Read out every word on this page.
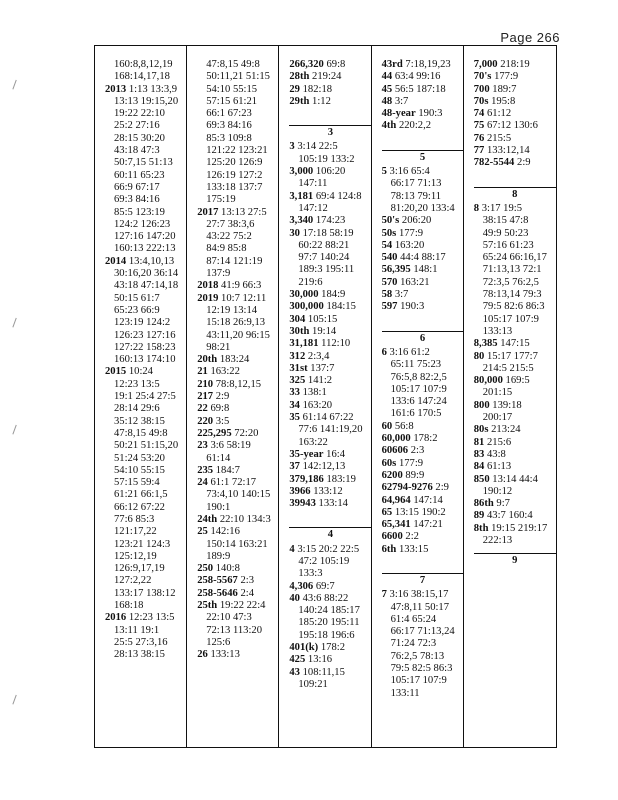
Page 266
160:8,8,12,19
168:14,17,18
2013 1:13 13:3,9
13:13 19:15,20
19:22 22:10
25:2 27:16
28:15 30:20
43:18 47:3
50:7,15 51:13
60:11 65:23
66:9 67:17
69:3 84:16
85:5 123:19
124:2 126:23
127:16 147:20
160:13 222:13
2014 13:4,10,13
30:16,20 36:14
43:18 47:14,18
50:15 61:7
65:23 66:9
123:19 124:2
126:23 127:16
127:22 158:23
160:13 174:10
2015 10:24
12:23 13:5
19:1 25:4 27:5
28:14 29:6
35:12 38:15
47:8,15 49:8
50:21 51:15,20
51:24 53:20
54:10 55:15
57:15 59:4
61:21 66:1,5
66:12 67:22
77:6 85:3
121:17,22
123:21 124:3
125:12,19
126:9,17,19
127:2,22
133:17 138:12
168:18
2016 12:23 13:5
13:11 19:1
25:5 27:3,16
28:13 38:15
47:8,15 49:8
50:11,21 51:15
54:10 55:15
57:15 61:21
66:1 67:23
69:3 84:16
85:3 109:8
121:22 123:21
125:20 126:9
126:19 127:2
133:18 137:7
175:19
2017 13:13 27:5
27:7 38:3,6
43:22 75:2
84:9 85:8
87:14 121:19
137:9
2018 41:9 66:3
2019 10:7 12:11
12:19 13:14
15:18 26:9,13
43:11,20 96:15
98:21
20th 183:24
21 163:22
210 78:8,12,15
217 2:9
22 69:8
220 3:5
225,295 72:20
23 3:6 58:19
61:14
235 184:7
24 61:1 72:17
73:4,10 140:15
190:1
24th 22:10 134:3
25 142:16
150:14 163:21
189:9
250 140:8
258-5567 2:3
258-5646 2:4
25th 19:22 22:4
22:10 47:3
72:13 113:20
125:6
26 133:13
266,320 69:8
28th 219:24
29 182:18
29th 1:12
3
3 3:14 22:5
105:19 133:2
3,000 106:20
147:11
3,181 69:4 124:8
147:12
3,340 174:23
30 17:18 58:19
60:22 88:21
97:7 140:24
189:3 195:11
219:6
30,000 184:9
300,000 184:15
304 105:15
30th 19:14
31,181 112:10
312 2:3,4
31st 137:7
325 141:2
33 138:1
34 163:20
35 61:14 67:22
77:6 141:19,20
163:22
35-year 16:4
37 142:12,13
379,186 183:19
3966 133:12
39943 133:14
4
4 3:15 20:2 22:5
47:2 105:19
133:3
4,306 69:7
40 43:6 88:22
140:24 185:17
185:20 195:11
195:18 196:6
401(k) 178:2
425 13:16
43 108:11,15
109:21
43rd 7:18,19,23
44 63:4 99:16
45 56:5 187:18
48 3:7
48-year 190:3
4th 220:2,2
5
5 3:16 65:4
66:17 71:13
78:13 79:11
81:20,20 133:4
50's 206:20
50s 177:9
54 163:20
540 44:4 88:17
56,395 148:1
570 163:21
58 3:7
597 190:3
6
6 3:16 61:2
65:11 75:23
76:5,8 82:2,5
105:17 107:9
133:6 147:24
161:6 170:5
60 56:8
60,000 178:2
60606 2:3
60s 177:9
6200 89:9
62794-9276 2:9
64,964 147:14
65 13:15 190:2
65,341 147:21
6600 2:2
6th 133:15
7
7 3:16 38:15,17
47:8,11 50:17
61:4 65:24
66:17 71:13,24
71:24 72:3
76:2,5 78:13
79:5 82:5 86:3
105:17 107:9
133:11
7,000 218:19
70's 177:9
700 189:7
70s 195:8
74 61:12
75 67:12 130:6
76 215:5
77 133:12,14
782-5544 2:9
8
8 3:17 19:5
38:15 47:8
49:9 50:23
57:16 61:23
65:24 66:16,17
71:13,13 72:1
72:3,5 76:2,5
78:13,14 79:3
79:5 82:6 86:3
105:17 107:9
133:13
8,385 147:15
80 15:17 177:7
214:5 215:5
80,000 169:5
201:15
800 139:18
200:17
80s 213:24
81 215:6
83 43:8
84 61:13
850 13:14 44:4
190:12
86th 9:7
89 43:7 160:4
8th 19:15 219:17
222:13
9
